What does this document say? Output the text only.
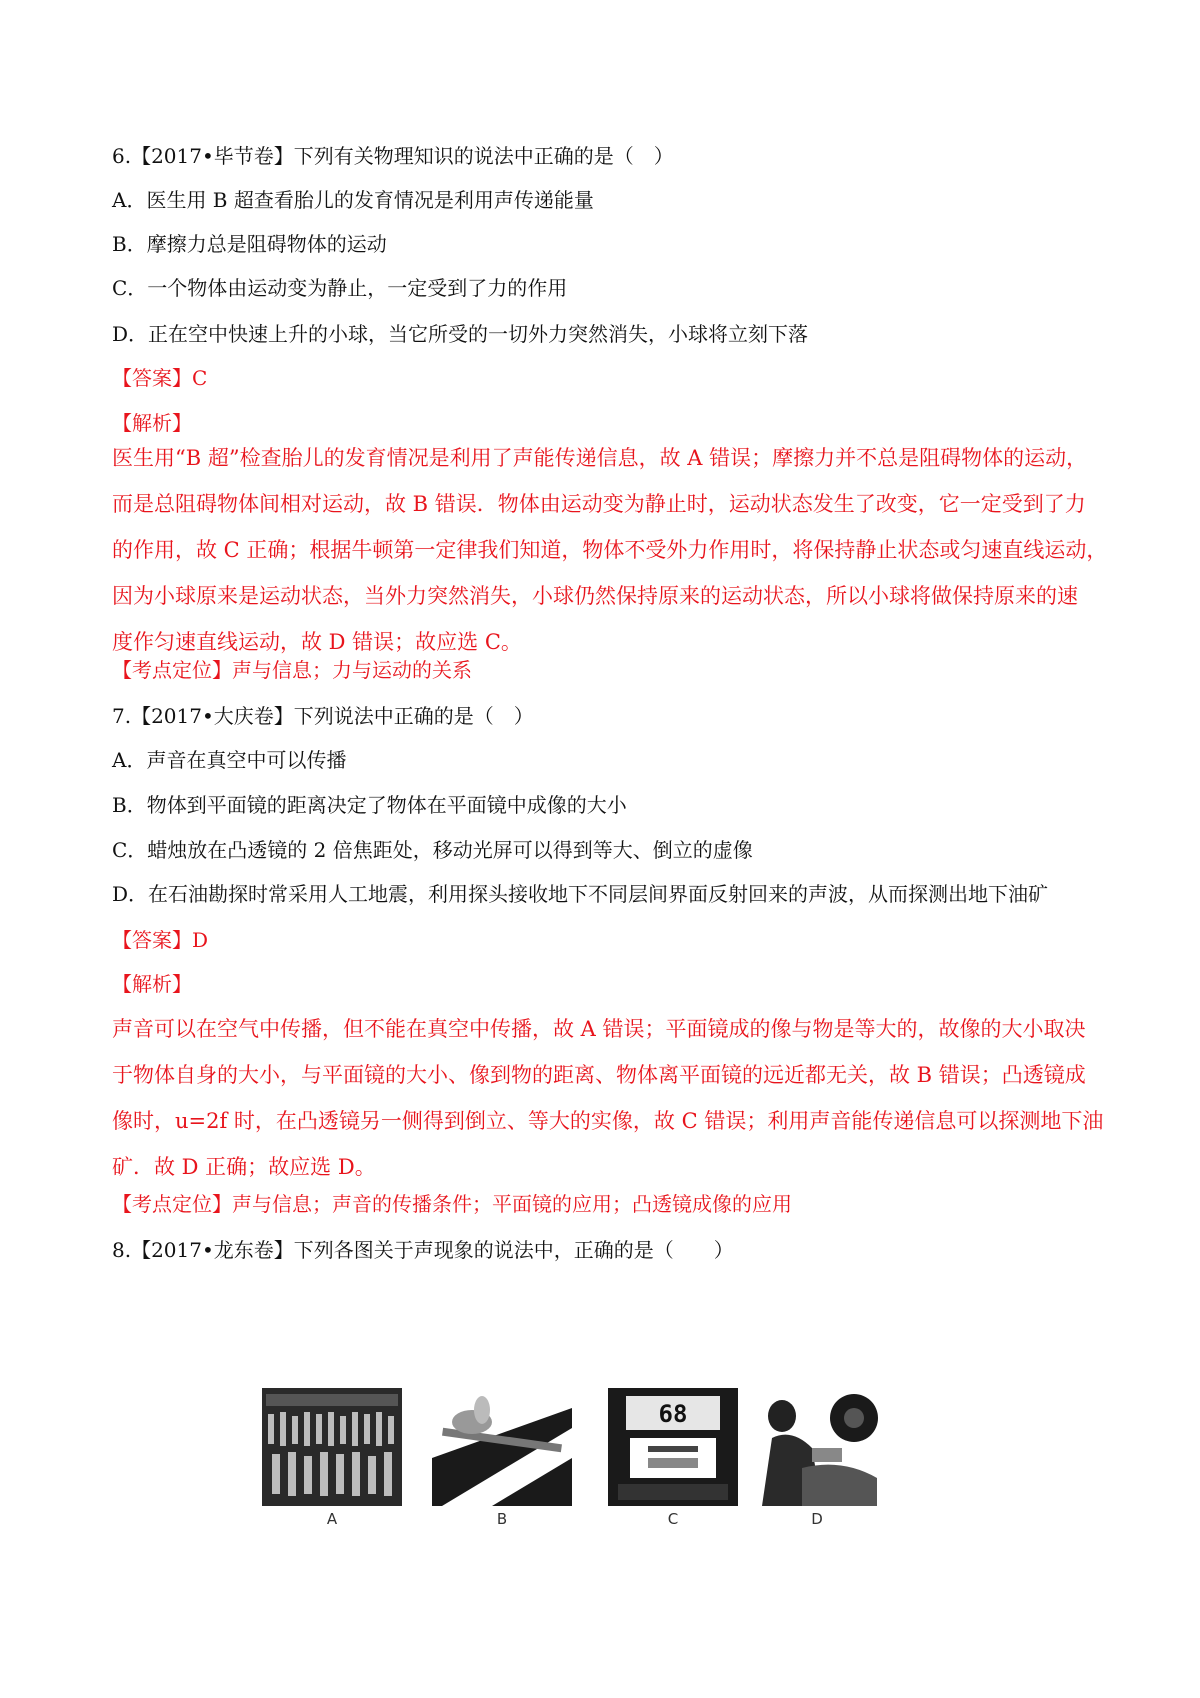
6.【2017•毕节卷】下列有关物理知识的说法中正确的是（　）
A．医生用 B 超查看胎儿的发育情况是利用声传递能量
B．摩擦力总是阻碍物体的运动
C．一个物体由运动变为静止，一定受到了力的作用
D．正在空中快速上升的小球，当它所受的一切外力突然消失，小球将立刻下落
【答案】C
【解析】
医生用“B 超”检查胎儿的发育情况是利用了声能传递信息，故 A 错误；摩擦力并不总是阻碍物体的运动，
而是总阻碍物体间相对运动，故 B 错误．物体由运动变为静止时，运动状态发生了改变，它一定受到了力
的作用，故 C 正确；根据牛顿第一定律我们知道，物体不受外力作用时，将保持静止状态或匀速直线运动，
因为小球原来是运动状态，当外力突然消失，小球仍然保持原来的运动状态，所以小球将做保持原来的速
度作匀速直线运动，故 D 错误；故应选 C。
【考点定位】声与信息；力与运动的关系
7.【2017•大庆卷】下列说法中正确的是（　）
A．声音在真空中可以传播
B．物体到平面镜的距离决定了物体在平面镜中成像的大小
C．蜡烛放在凸透镜的 2 倍焦距处，移动光屏可以得到等大、倒立的虚像
D．在石油勘探时常采用人工地震，利用探头接收地下不同层间界面反射回来的声波，从而探测出地下油矿
【答案】D
【解析】
声音可以在空气中传播，但不能在真空中传播，故 A 错误；平面镜成的像与物是等大的，故像的大小取决
于物体自身的大小，与平面镜的大小、像到物的距离、物体离平面镜的远近都无关，故 B 错误；凸透镜成
像时，u=2f 时，在凸透镜另一侧得到倒立、等大的实像，故 C 错误；利用声音能传递信息可以探测地下油
矿．故 D 正确；故应选 D。
【考点定位】声与信息；声音的传播条件；平面镜的应用；凸透镜成像的应用
8.【2017•龙东卷】下列各图关于声现象的说法中，正确的是（　　）
A	B
68
C	D
